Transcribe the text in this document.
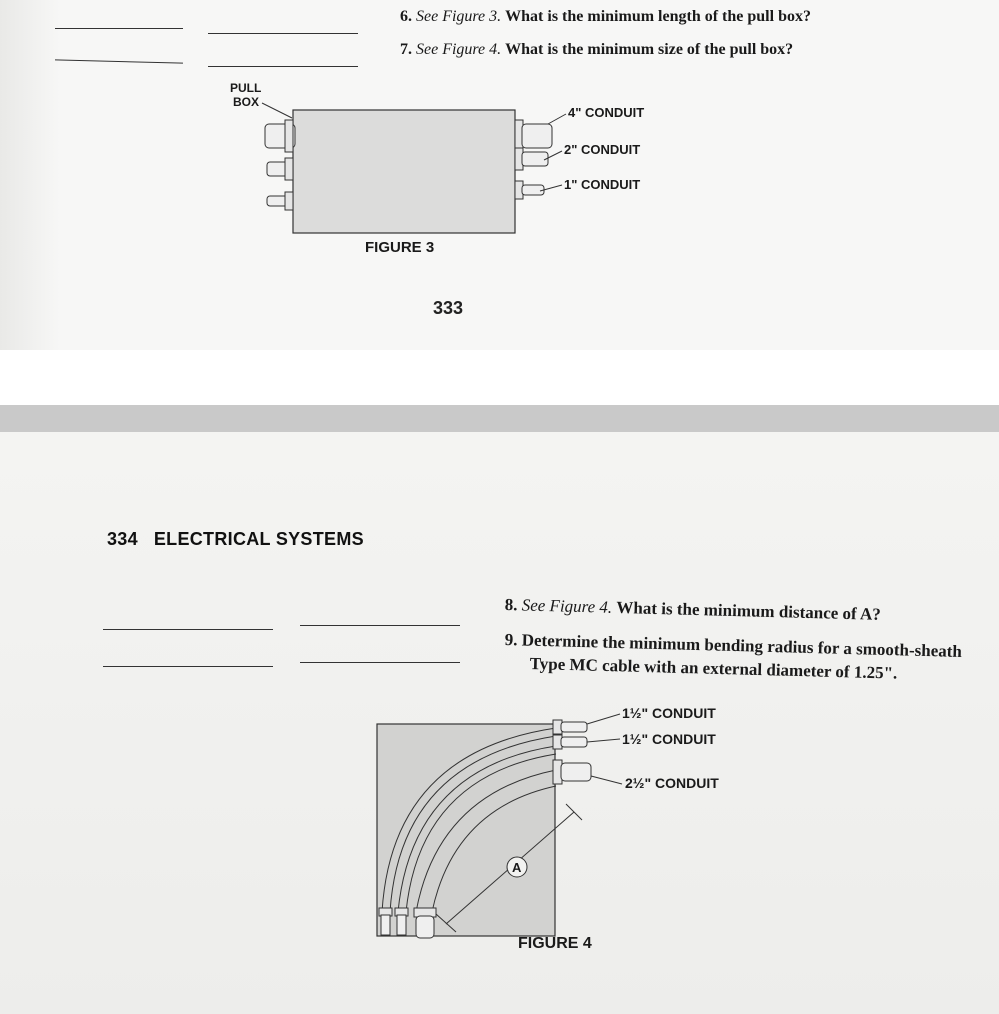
6. See Figure 3. What is the minimum length of the pull box?
7. See Figure 4. What is the minimum size of the pull box?
PULL
BOX
4" CONDUIT
2" CONDUIT
1" CONDUIT
FIGURE 3
333
334 ELECTRICAL SYSTEMS
8. See Figure 4. What is the minimum distance of A?
9. Determine the minimum bending radius for a smooth-sheath
Type MC cable with an external diameter of 1.25".
A
1½" CONDUIT
1½" CONDUIT
2½" CONDUIT
FIGURE 4
